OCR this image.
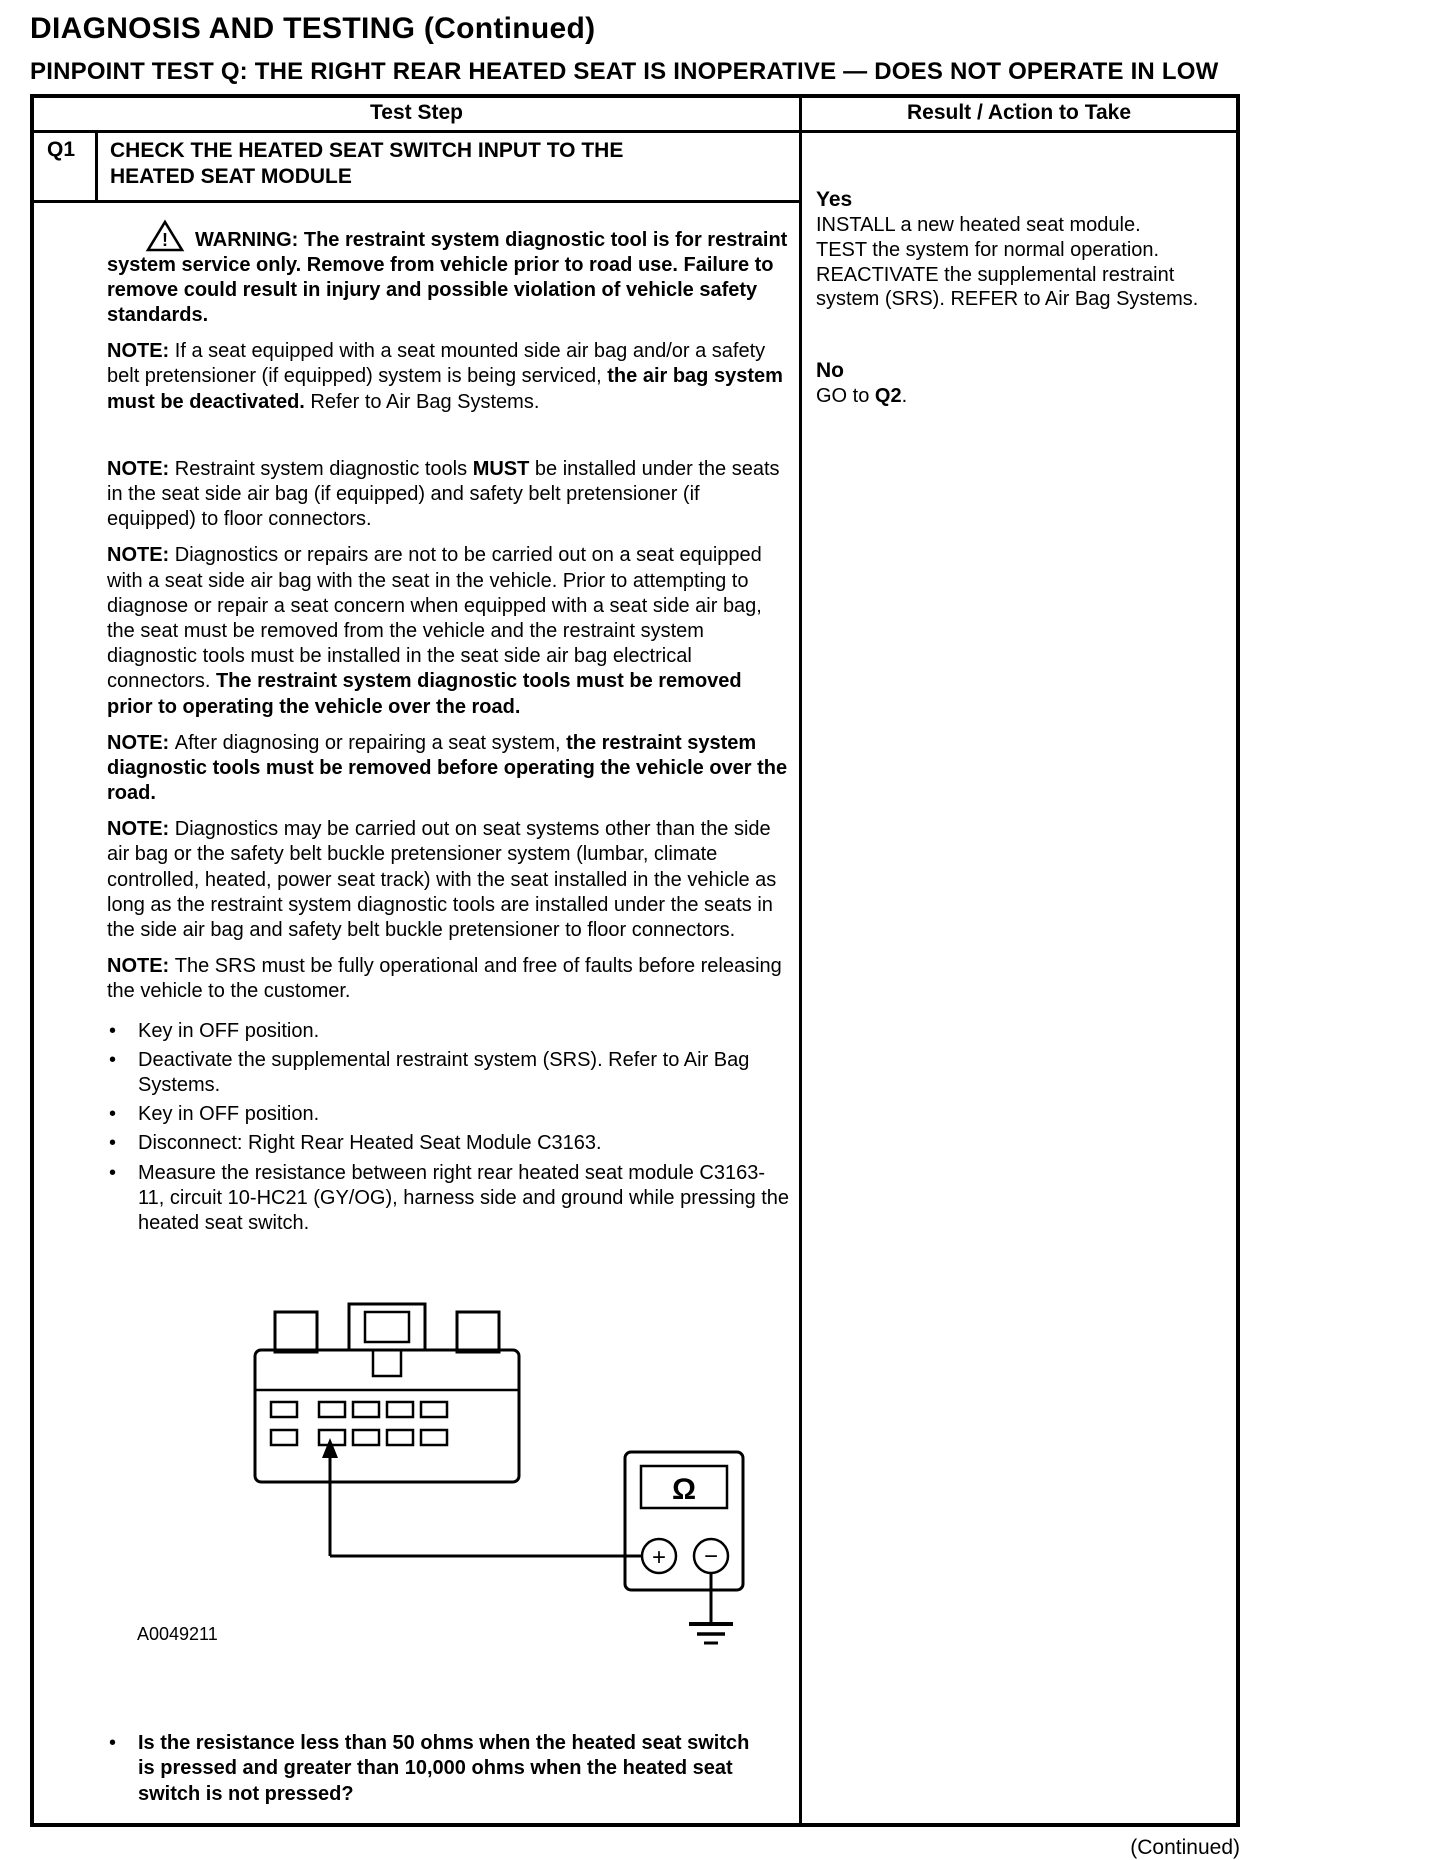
DIAGNOSIS AND TESTING (Continued)
PINPOINT TEST Q: THE RIGHT REAR HEATED SEAT IS INOPERATIVE — DOES NOT OPERATE IN LOW
Test Step	Result / Action to Take
Q1	CHECK THE HEATED SEAT SWITCH INPUT TO THE HEATED SEAT MODULE
! WARNING: The restraint system diagnostic tool is for restraint system service only. Remove from vehicle prior to road use. Failure to remove could result in injury and possible violation of vehicle safety standards.
NOTE: If a seat equipped with a seat mounted side air bag and/or a safety belt pretensioner (if equipped) system is being serviced, the air bag system must be deactivated. Refer to Air Bag Systems.
NOTE: Restraint system diagnostic tools MUST be installed under the seats in the seat side air bag (if equipped) and safety belt pretensioner (if equipped) to floor connectors.
NOTE: Diagnostics or repairs are not to be carried out on a seat equipped with a seat side air bag with the seat in the vehicle. Prior to attempting to diagnose or repair a seat concern when equipped with a seat side air bag, the seat must be removed from the vehicle and the restraint system diagnostic tools must be installed in the seat side air bag electrical connectors. The restraint system diagnostic tools must be removed prior to operating the vehicle over the road.
NOTE: After diagnosing or repairing a seat system, the restraint system diagnostic tools must be removed before operating the vehicle over the road.
NOTE: Diagnostics may be carried out on seat systems other than the side air bag or the safety belt buckle pretensioner system (lumbar, climate controlled, heated, power seat track) with the seat installed in the vehicle as long as the restraint system diagnostic tools are installed under the seats in the side air bag and safety belt buckle pretensioner to floor connectors.
NOTE: The SRS must be fully operational and free of faults before releasing the vehicle to the customer.
•	Key in OFF position.
•	Deactivate the supplemental restraint system (SRS). Refer to Air Bag Systems.
•	Key in OFF position.
•	Disconnect: Right Rear Heated Seat Module C3163.
•	Measure the resistance between right rear heated seat module C3163-11, circuit 10-HC21 (GY/OG), harness side and ground while pressing the heated seat switch.
Ω
+ −
A0049211
•	Is the resistance less than 50 ohms when the heated seat switch is pressed and greater than 10,000 ohms when the heated seat switch is not pressed?
Yes
INSTALL a new heated seat module.
TEST the system for normal operation.
REACTIVATE the supplemental restraint system (SRS). REFER to Air Bag Systems.
No
GO to Q2.
(Continued)
